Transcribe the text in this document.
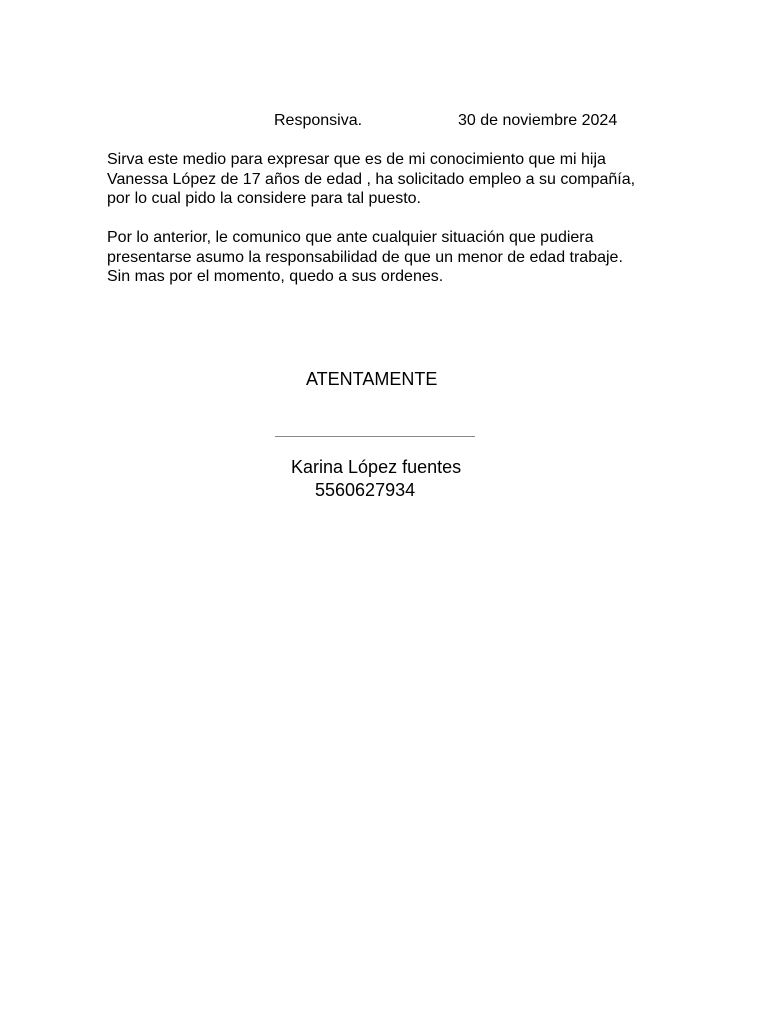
Responsiva.	30 de noviembre 2024
Sirva este medio para expresar que es de mi conocimiento que mi hija
Vanessa López de 17 años de edad , ha solicitado empleo a su compañía,
por lo cual pido la considere para tal puesto.
Por lo anterior, le comunico que ante cualquier situación que pudiera
presentarse asumo la responsabilidad de que un menor de edad trabaje.
Sin mas por el momento, quedo a sus ordenes.
ATENTAMENTE
Karina López fuentes
5560627934
